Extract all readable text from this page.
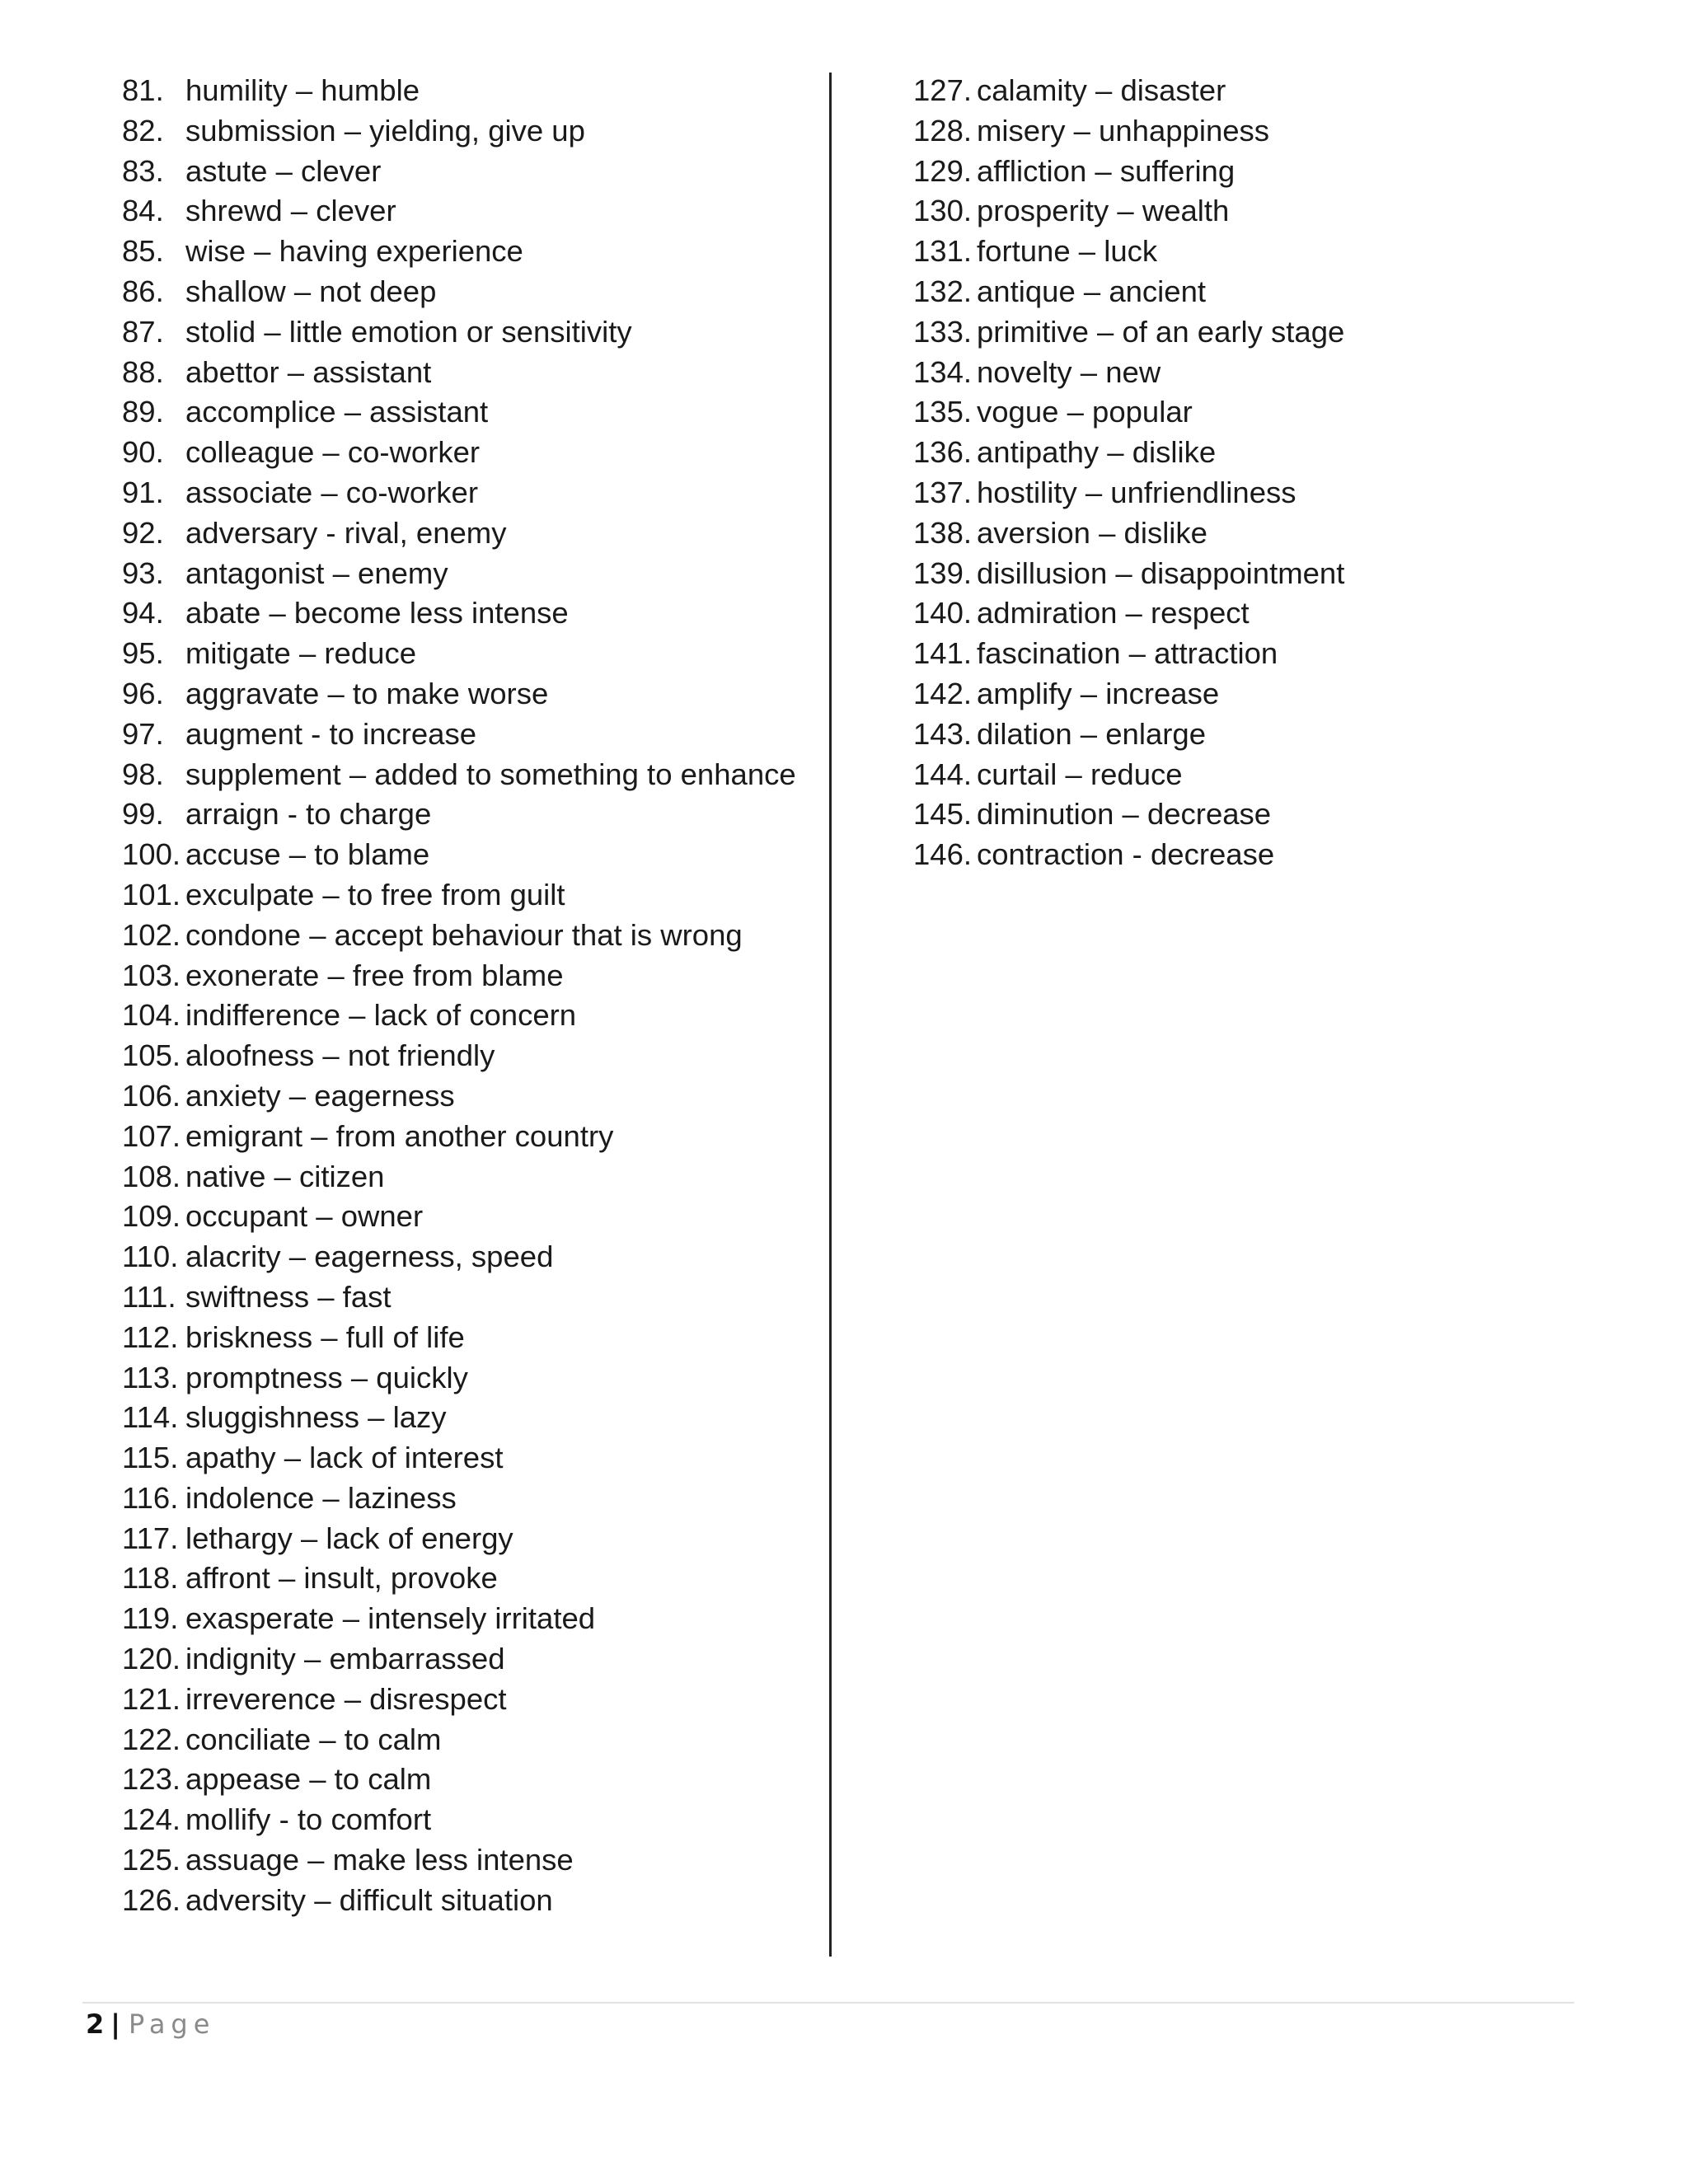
81. humility – humble
82. submission – yielding, give up
83. astute – clever
84. shrewd – clever
85. wise – having experience
86. shallow – not deep
87. stolid – little emotion or sensitivity
88. abettor – assistant
89. accomplice – assistant
90. colleague – co-worker
91. associate – co-worker
92. adversary - rival, enemy
93. antagonist – enemy
94. abate – become less intense
95. mitigate – reduce
96. aggravate – to make worse
97. augment - to increase
98. supplement – added to something to enhance
99. arraign - to charge
100. accuse – to blame
101. exculpate – to free from guilt
102. condone – accept behaviour that is wrong
103. exonerate – free from blame
104. indifference – lack of concern
105. aloofness – not friendly
106. anxiety – eagerness
107. emigrant – from another country
108. native – citizen
109. occupant – owner
110. alacrity – eagerness, speed
111. swiftness – fast
112. briskness – full of life
113. promptness – quickly
114. sluggishness – lazy
115. apathy – lack of interest
116. indolence – laziness
117. lethargy – lack of energy
118. affront – insult, provoke
119. exasperate – intensely irritated
120. indignity – embarrassed
121. irreverence – disrespect
122. conciliate – to calm
123. appease – to calm
124. mollify - to comfort
125. assuage – make less intense
126. adversity – difficult situation
127. calamity – disaster
128. misery – unhappiness
129. affliction – suffering
130. prosperity – wealth
131. fortune – luck
132. antique – ancient
133. primitive – of an early stage
134. novelty – new
135. vogue – popular
136. antipathy – dislike
137. hostility – unfriendliness
138. aversion – dislike
139. disillusion – disappointment
140. admiration – respect
141. fascination – attraction
142. amplify – increase
143. dilation – enlarge
144. curtail – reduce
145. diminution – decrease
146. contraction - decrease
2 | Page
